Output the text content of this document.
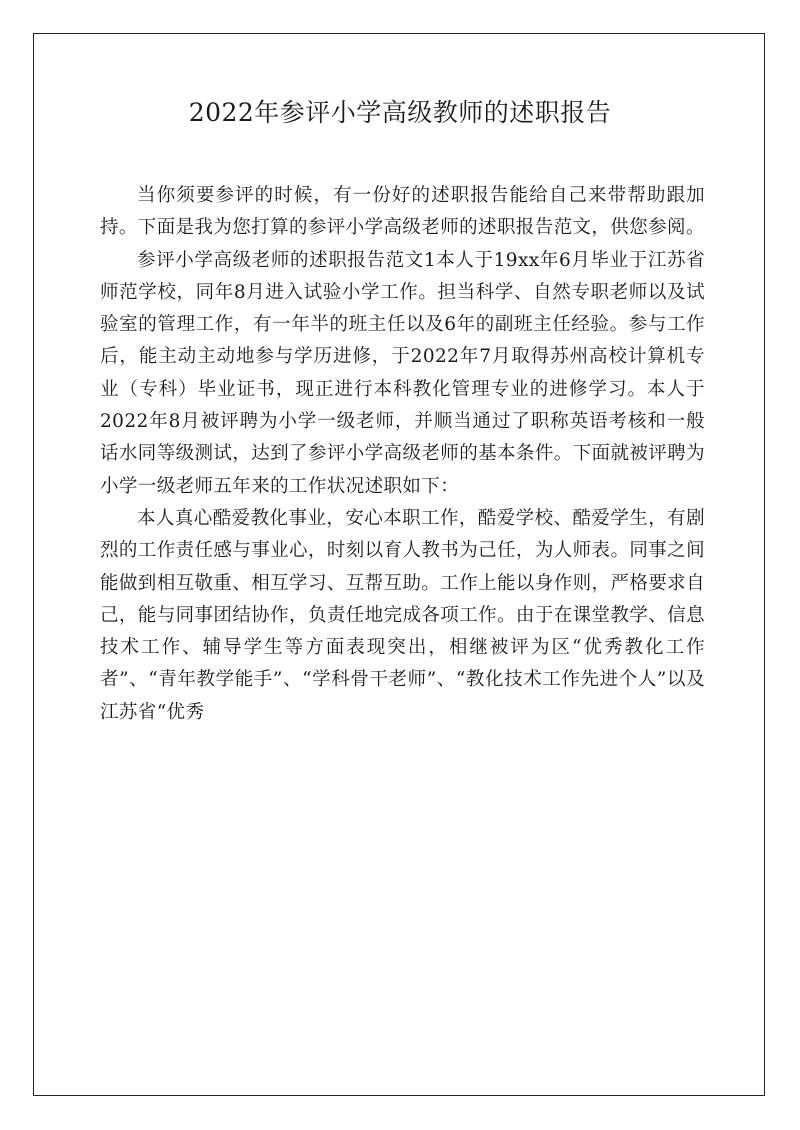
2022年参评小学高级教师的述职报告

当你须要参评的时候，有一份好的述职报告能给自己来带帮助跟加持。下面是我为您打算的参评小学高级老师的述职报告范文，供您参阅。

参评小学高级老师的述职报告范文1本人于19xx年6月毕业于江苏省师范学校，同年8月进入试验小学工作。担当科学、自然专职老师以及试验室的管理工作，有一年半的班主任以及6年的副班主任经验。参与工作后，能主动主动地参与学历进修，于2022年7月取得苏州高校计算机专业（专科）毕业证书，现正进行本科教化管理专业的进修学习。本人于2022年8月被评聘为小学一级老师，并顺当通过了职称英语考核和一般话水同等级测试，达到了参评小学高级老师的基本条件。下面就被评聘为小学一级老师五年来的工作状况述职如下：

本人真心酷爱教化事业，安心本职工作，酷爱学校、酷爱学生，有剧烈的工作责任感与事业心，时刻以育人教书为己任，为人师表。同事之间能做到相互敬重、相互学习、互帮互助。工作上能以身作则，严格要求自己，能与同事团结协作，负责任地完成各项工作。由于在课堂教学、信息技术工作、辅导学生等方面表现突出，相继被评为区“优秀教化工作者”、“青年教学能手”、“学科骨干老师”、“教化技术工作先进个人”以及江苏省“优秀
